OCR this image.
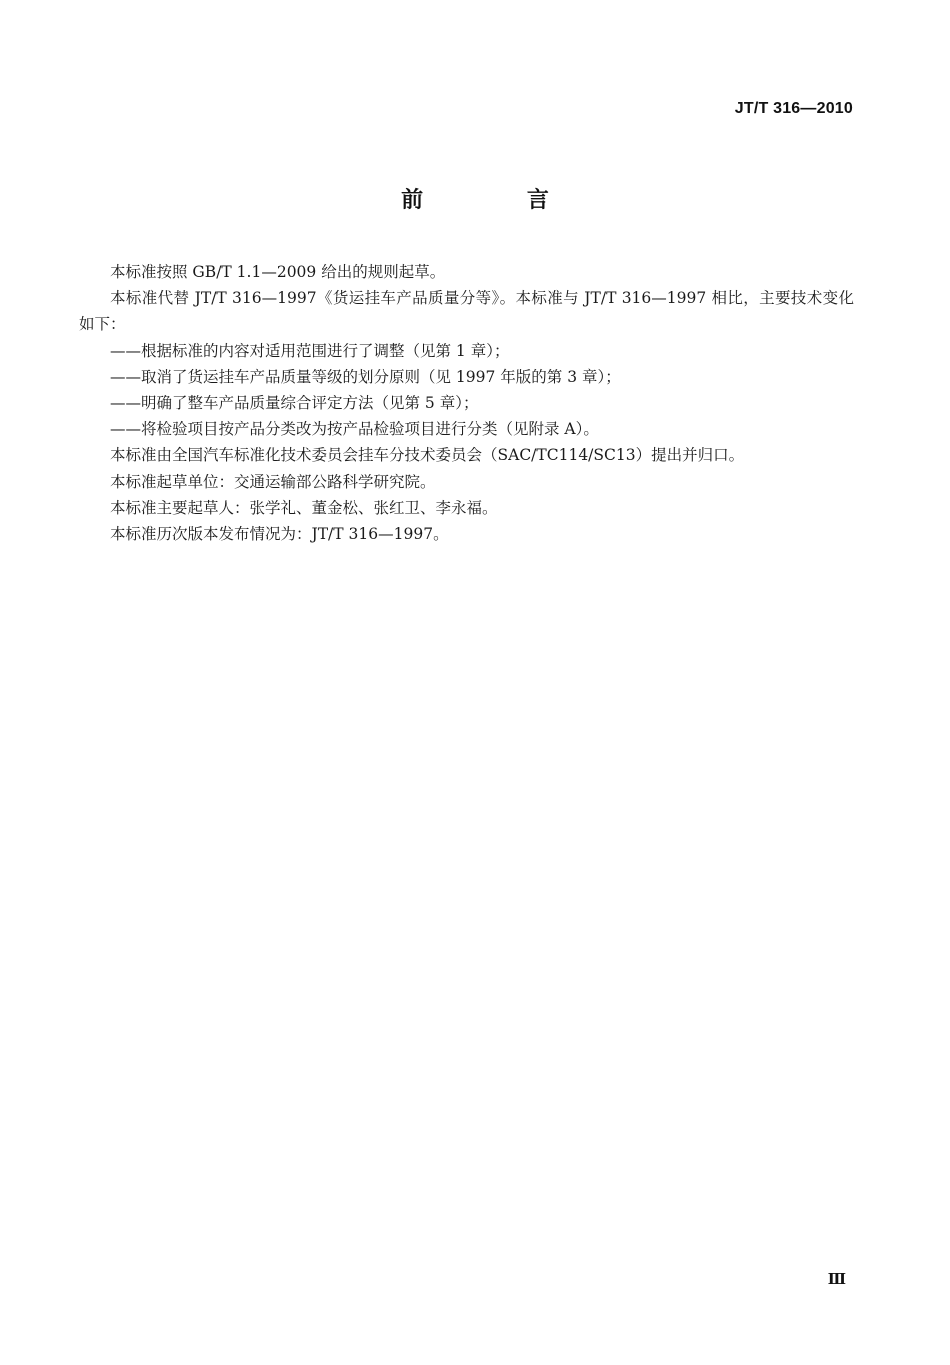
JT/T 316—2010
前 言

本标准按照 GB/T 1.1—2009 给出的规则起草。

本标准代替 JT/T 316—1997《货运挂车产品质量分等》。本标准与 JT/T 316—1997 相比，主要技术变化如下：

——根据标准的内容对适用范围进行了调整（见第 1 章）；

——取消了货运挂车产品质量等级的划分原则（见 1997 年版的第 3 章）；

——明确了整车产品质量综合评定方法（见第 5 章）；

——将检验项目按产品分类改为按产品检验项目进行分类（见附录 A）。

本标准由全国汽车标准化技术委员会挂车分技术委员会（SAC/TC114/SC13）提出并归口。

本标准起草单位：交通运输部公路科学研究院。

本标准主要起草人：张学礼、董金松、张红卫、李永福。

本标准历次版本发布情况为：JT/T 316—1997。

Ⅲ
